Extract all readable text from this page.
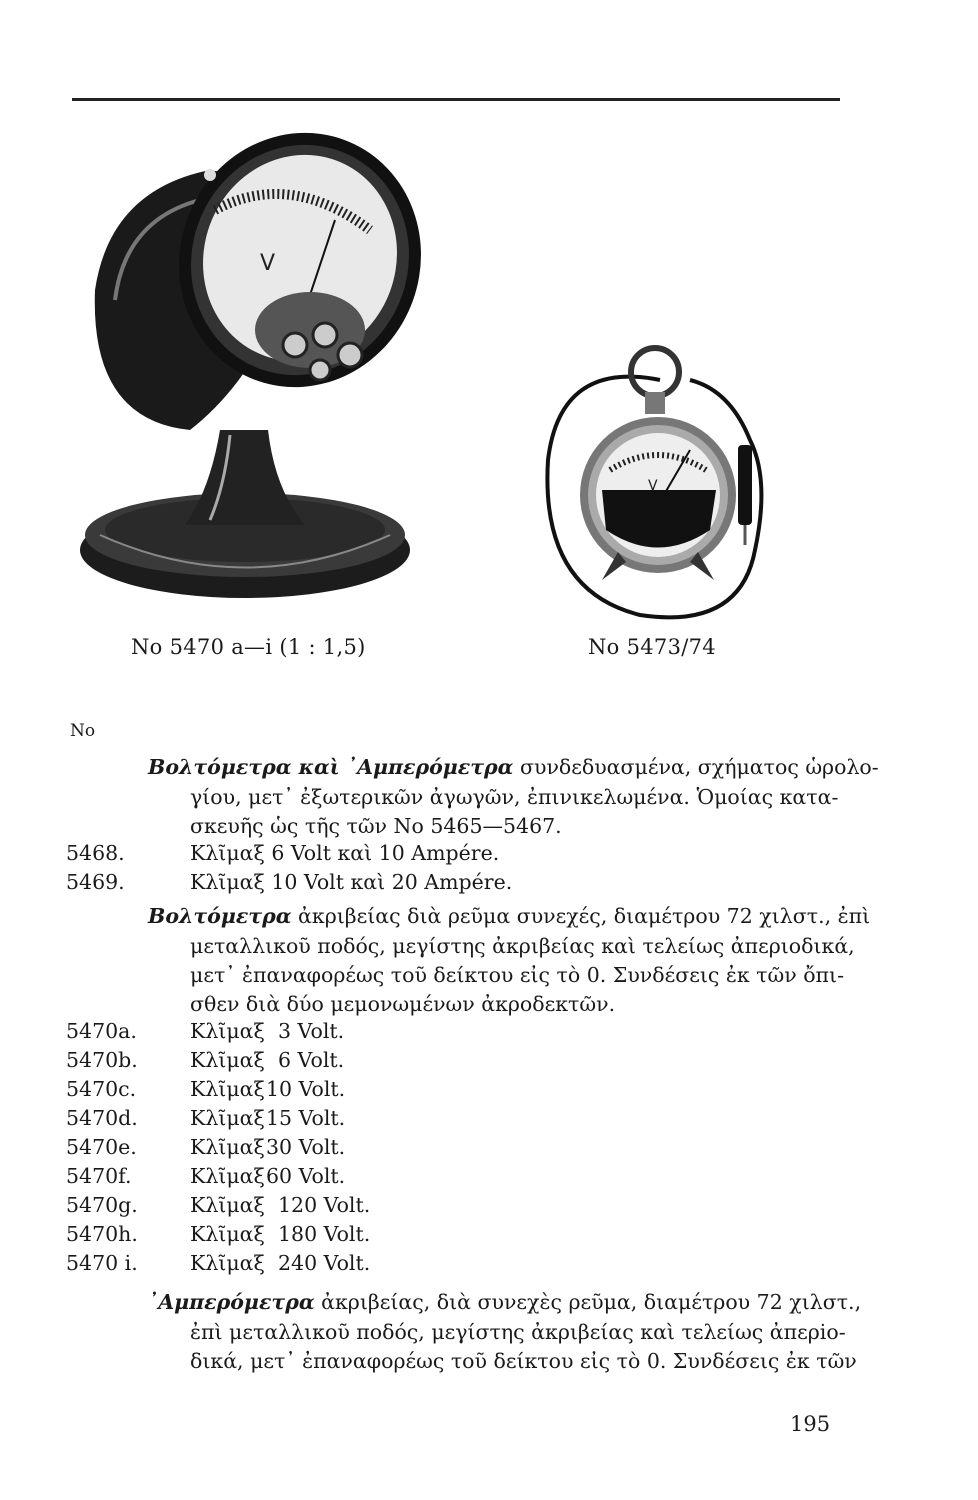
V
V
No 5470 a—i (1 : 1,5)	No 5473/74
No
Βολτόμετρα καὶ ᾿Αμπερόμετρα συνδεδυασμένα, σχήματος ὡρολο-
γίου, μετ᾿ ἐξωτερικῶν ἀγωγῶν, ἐπινικελωμένα. Ὁμοίας κατα-
σκευῆς ὡς τῆς τῶν No 5465—5467.
5468.	Κλῖμαξ 6 Volt καὶ 10 Ampére.
5469.	Κλῖμαξ 10 Volt καὶ 20 Ampére.
Βολτόμετρα ἀκριβείας διὰ ρεῦμα συνεχές, διαμέτρου 72 χιλστ., ἐπὶ
μεταλλικοῦ ποδός, μεγίστης ἀκριβείας καὶ τελείως ἀπεριοδικά,
μετ᾿ ἐπαναφορέως τοῦ δείκτου εἰς τὸ 0. Συνδέσεις ἐκ τῶν ὄπι-
σθεν διὰ δύο μεμονωμένων ἀκροδεκτῶν.
5470a.	Κλῖμαξ 3 Volt.
5470b.	Κλῖμαξ 6 Volt.
5470c.	Κλῖμαξ 10 Volt.
5470d.	Κλῖμαξ 15 Volt.
5470e.	Κλῖμαξ 30 Volt.
5470f.	Κλῖμαξ 60 Volt.
5470g.	Κλῖμαξ 120 Volt.
5470h.	Κλῖμαξ 180 Volt.
5470 i.	Κλῖμαξ 240 Volt.
᾿Αμπερόμετρα ἀκριβείας, διὰ συνεχὲς ρεῦμα, διαμέτρου 72 χιλστ.,
ἐπὶ μεταλλικοῦ ποδός, μεγίστης ἀκριβείας καὶ τελείως ἀπερio-
δικά, μετ᾿ ἐπαναφορέως τοῦ δείκτου εἰς τὸ 0. Συνδέσεις ἐκ τῶν
195
